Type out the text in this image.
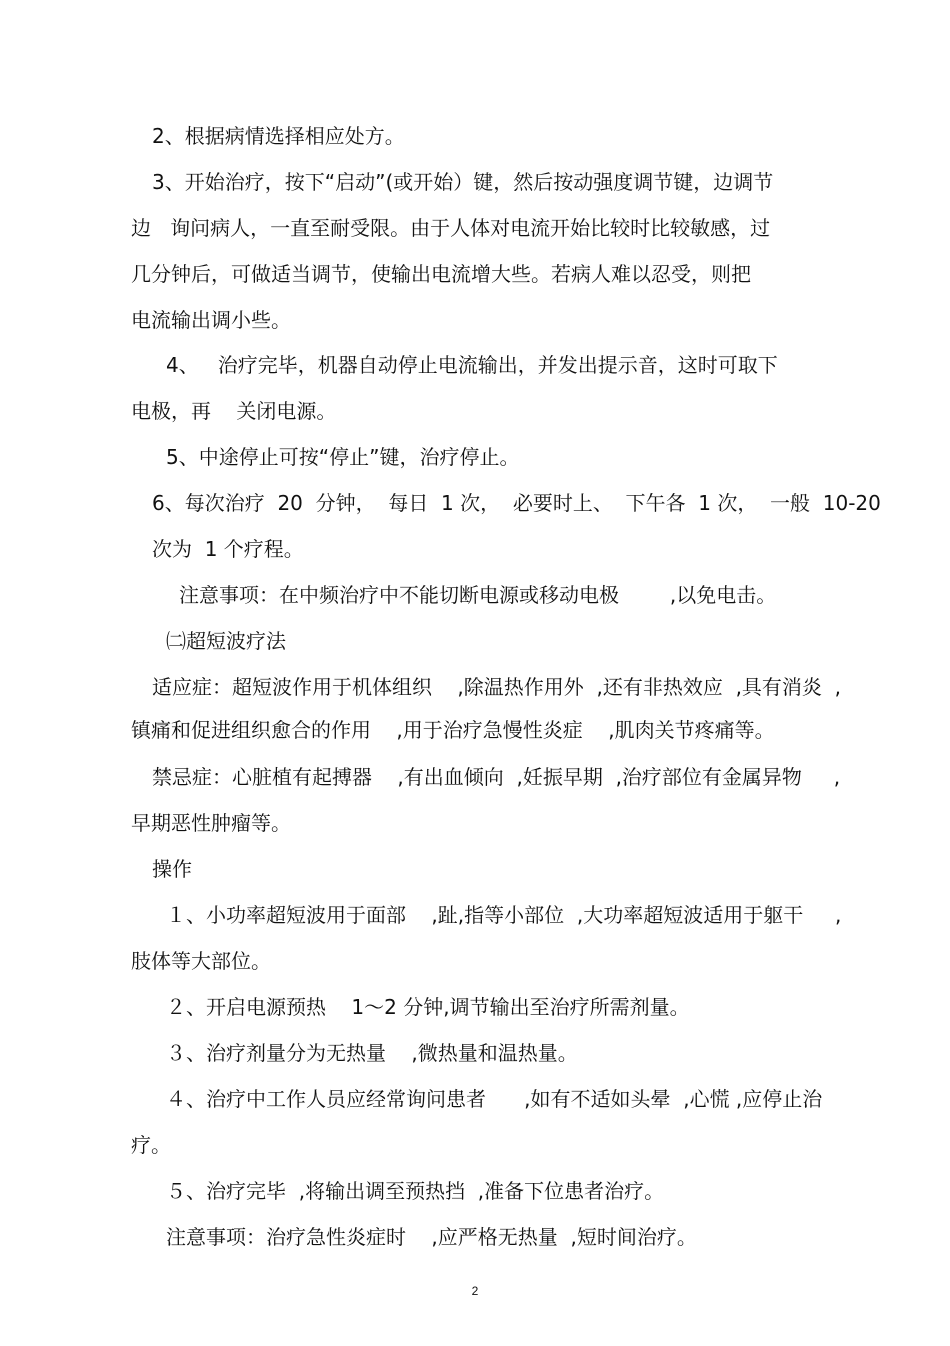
2、根据病情选择相应处方。
3、开始治疗，按下“启动”(或开始）键，然后按动强度调节键，边调节
边   询问病人，一直至耐受限。由于人体对电流开始比较时比较敏感，过
几分钟后，可做适当调节，使输出电流增大些。若病人难以忍受，则把
电流输出调小些。
4、   治疗完毕，机器自动停止电流输出，并发出提示音，这时可取下
电极，再    关闭电源。
5、中途停止可按“停止”键，治疗停止。
6、每次治疗  20  分钟，  每日  1 次，  必要时上、  下午各  1 次，  一般  10-20
次为  1 个疗程。
注意事项：在中频治疗中不能切断电源或移动电极        ,以免电击。
㈡超短波疗法
适应症：超短波作用于机体组织    ,除温热作用外  ,还有非热效应  ,具有消炎  ,
镇痛和促进组织愈合的作用    ,用于治疗急慢性炎症    ,肌肉关节疼痛等。
禁忌症：心脏植有起搏器    ,有出血倾向  ,妊振早期  ,治疗部位有金属异物     ,
早期恶性肿瘤等。
操作
１、小功率超短波用于面部    ,趾,指等小部位  ,大功率超短波适用于躯干     ,
肢体等大部位。
２、开启电源预热    1～2 分钟,调节输出至治疗所需剂量。
３、治疗剂量分为无热量    ,微热量和温热量。
４、治疗中工作人员应经常询问患者      ,如有不适如头晕  ,心慌 ,应停止治
疗。
５、治疗完毕  ,将输出调至预热挡  ,准备下位患者治疗。
注意事项：治疗急性炎症时    ,应严格无热量  ,短时间治疗。
2
